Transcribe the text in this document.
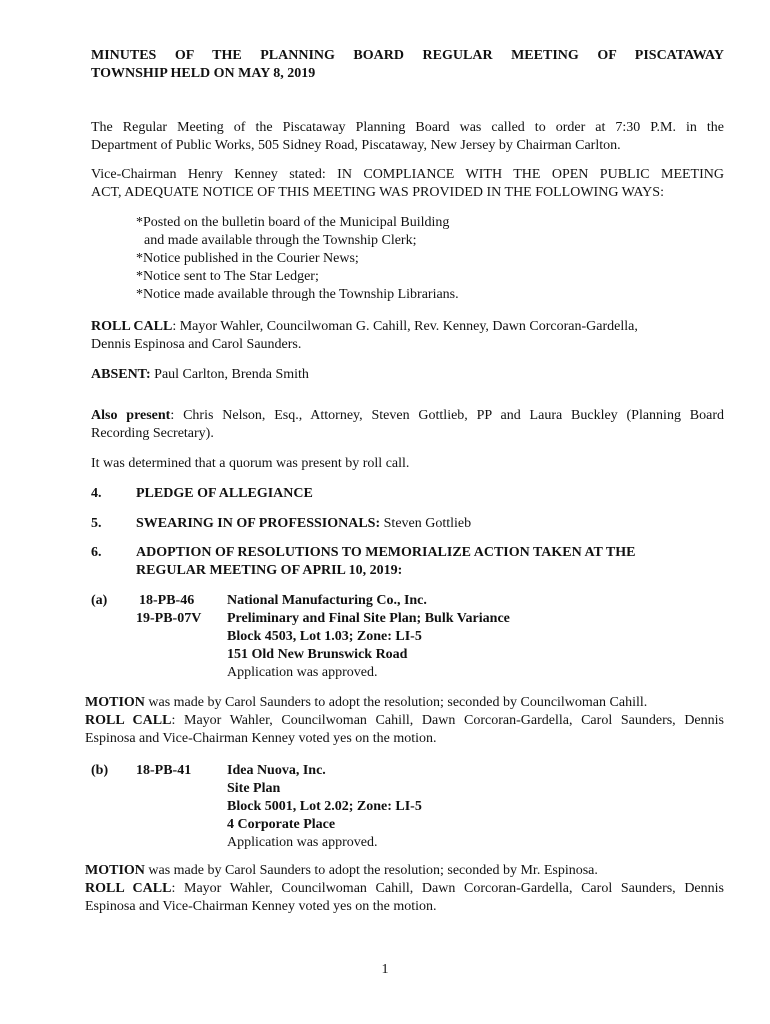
MINUTES OF THE PLANNING BOARD REGULAR MEETING OF PISCATAWAY
TOWNSHIP HELD ON MAY 8, 2019
The Regular Meeting of the Piscataway Planning Board was called to order at 7:30 P.M. in the
Department of Public Works, 505 Sidney Road, Piscataway, New Jersey by Chairman Carlton.
Vice-Chairman Henry Kenney stated: IN COMPLIANCE WITH THE OPEN PUBLIC MEETING
ACT, ADEQUATE NOTICE OF THIS MEETING WAS PROVIDED IN THE FOLLOWING WAYS:
*Posted on the bulletin board of the Municipal Building
and made available through the Township Clerk;
*Notice published in the Courier News;
*Notice sent to The Star Ledger;
*Notice made available through the Township Librarians.
ROLL CALL: Mayor Wahler, Councilwoman G. Cahill, Rev. Kenney, Dawn Corcoran-Gardella,
Dennis Espinosa and Carol Saunders.
ABSENT: Paul Carlton, Brenda Smith
Also present: Chris Nelson, Esq., Attorney, Steven Gottlieb, PP and Laura Buckley (Planning Board
Recording Secretary).
It was determined that a quorum was present by roll call.
4. PLEDGE OF ALLEGIANCE
5. SWEARING IN OF PROFESSIONALS: Steven Gottlieb
6. ADOPTION OF RESOLUTIONS TO MEMORIALIZE ACTION TAKEN AT THE
REGULAR MEETING OF APRIL 10, 2019:
(a) 18-PB-46
19-PB-07V
National Manufacturing Co., Inc.
Preliminary and Final Site Plan; Bulk Variance
Block 4503, Lot 1.03; Zone: LI-5
151 Old New Brunswick Road
Application was approved.
MOTION was made by Carol Saunders to adopt the resolution; seconded by Councilwoman Cahill.
ROLL CALL: Mayor Wahler, Councilwoman Cahill, Dawn Corcoran-Gardella, Carol Saunders, Dennis
Espinosa and Vice-Chairman Kenney voted yes on the motion.
(b) 18-PB-41	Idea Nuova, Inc.
Site Plan
Block 5001, Lot 2.02; Zone: LI-5
4 Corporate Place
Application was approved.
MOTION was made by Carol Saunders to adopt the resolution; seconded by Mr. Espinosa.
ROLL CALL: Mayor Wahler, Councilwoman Cahill, Dawn Corcoran-Gardella, Carol Saunders, Dennis
Espinosa and Vice-Chairman Kenney voted yes on the motion.
1
